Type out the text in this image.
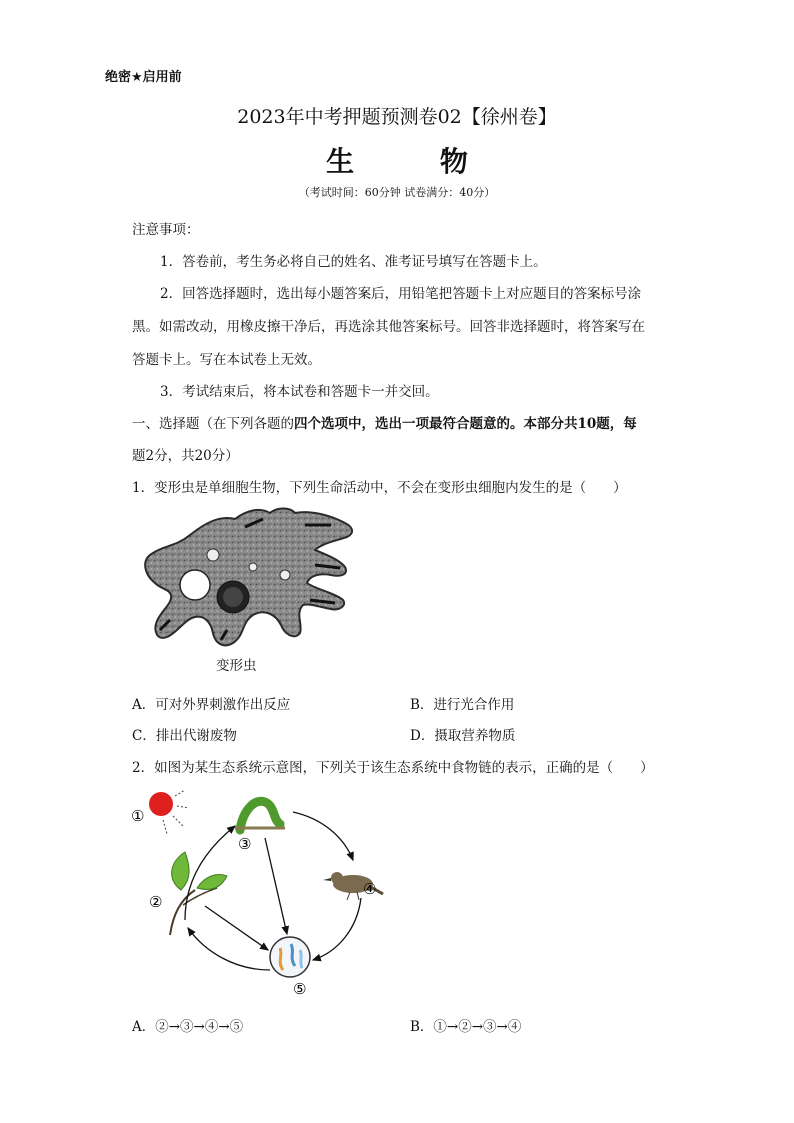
绝密★启用前
2023年中考押题预测卷02【徐州卷】
生 物
（考试时间：60分钟 试卷满分：40分）
注意事项：
1．答卷前，考生务必将自己的姓名、准考证号填写在答题卡上。
2．回答选择题时，选出每小题答案后，用铅笔把答题卡上对应题目的答案标号涂
黑。如需改动，用橡皮擦干净后，再选涂其他答案标号。回答非选择题时，将答案写在
答题卡上。写在本试卷上无效。
3．考试结束后，将本试卷和答题卡一并交回。
一、选择题（在下列各题的四个选项中，选出一项最符合题意的。本部分共10题，每
题2分，共20分）
1．变形虫是单细胞生物，下列生命活动中，不会在变形虫细胞内发生的是（　　）
变形虫
A．可对外界刺激作出反应	B．进行光合作用
C．排出代谢废物	D．摄取营养物质
2．如图为某生态系统示意图，下列关于该生态系统中食物链的表示，正确的是（　　）
①
②
③
④
⑤
A．②→③→④→⑤	B．①→②→③→④
